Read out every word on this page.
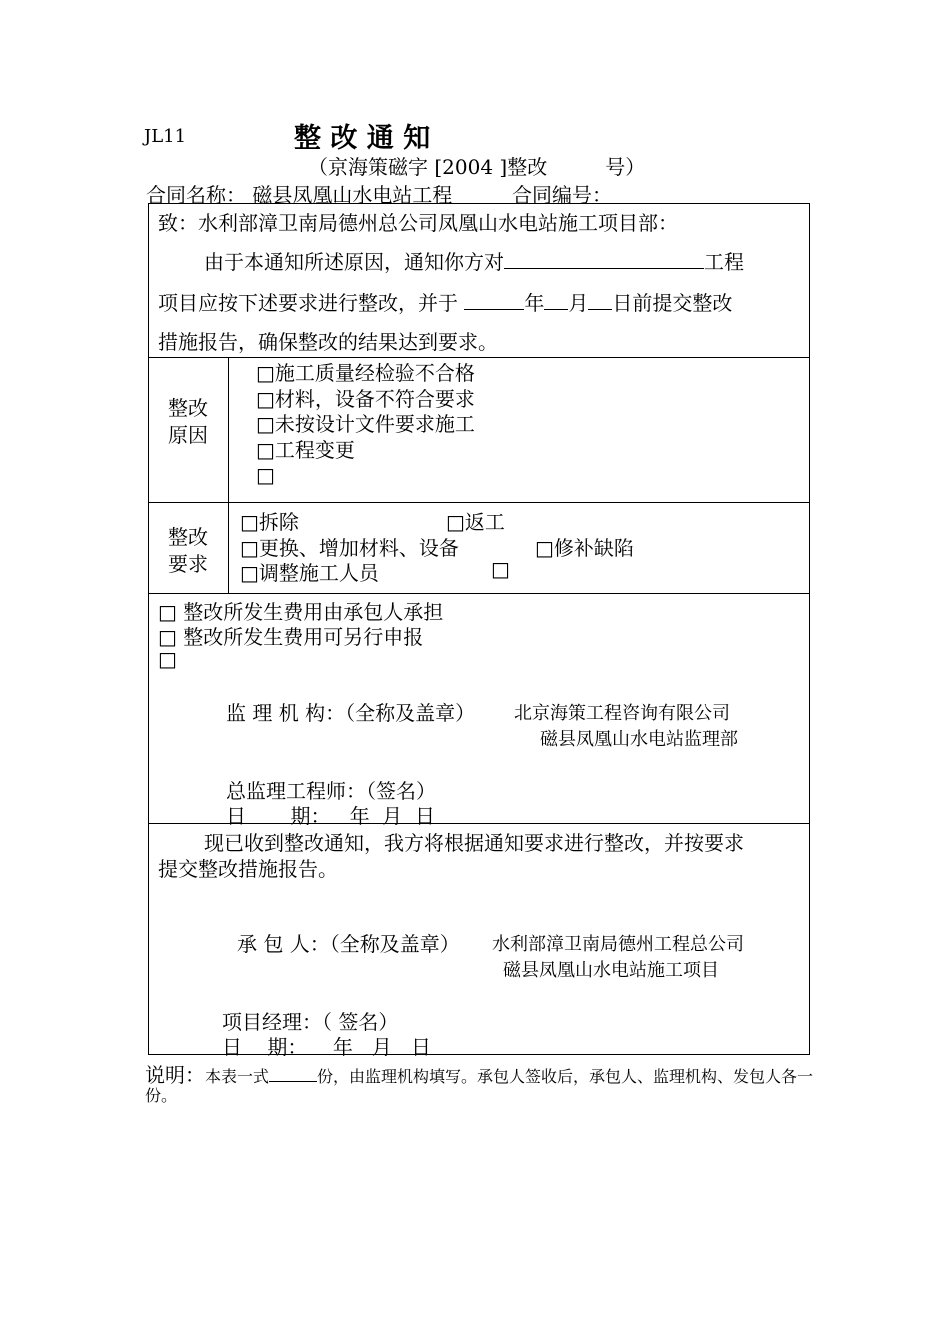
JL11	整 改 通 知
（京海策磁字 [2004 ]整改	号）
合同名称： 磁县凤凰山水电站工程	合同编号：
致：水利部漳卫南局德州总公司凤凰山水电站施工项目部：
由于本通知所述原因，通知你方对	工程
项目应按下述要求进行整改，并于	年 月 日前提交整改
措施报告，确保整改的结果达到要求。
整改
原因
□施工质量经检验不合格
□材料，设备不符合要求
□未按设计文件要求施工
□工程变更
□
整改
要求
□拆除	□返工
□更换、增加材料、设备	□修补缺陷
□调整施工人员	□
□ 整改所发生费用由承包人承担
□ 整改所发生费用可另行申报
□
监 理 机 构：（全称及盖章） 北京海策工程咨询有限公司
磁县凤凰山水电站监理部
总监理工程师：（签名）
日       期：   年  月  日
现已收到整改通知，我方将根据通知要求进行整改，并按要求
提交整改措施报告。
承 包 人：（全称及盖章） 水利部漳卫南局德州工程总公司
磁县凤凰山水电站施工项目
项目经理：（ 签名）
日    期：    年   月   日
说明：本表一式	份，由监理机构填写。承包人签收后，承包人、监理机构、发包人各一
份。
